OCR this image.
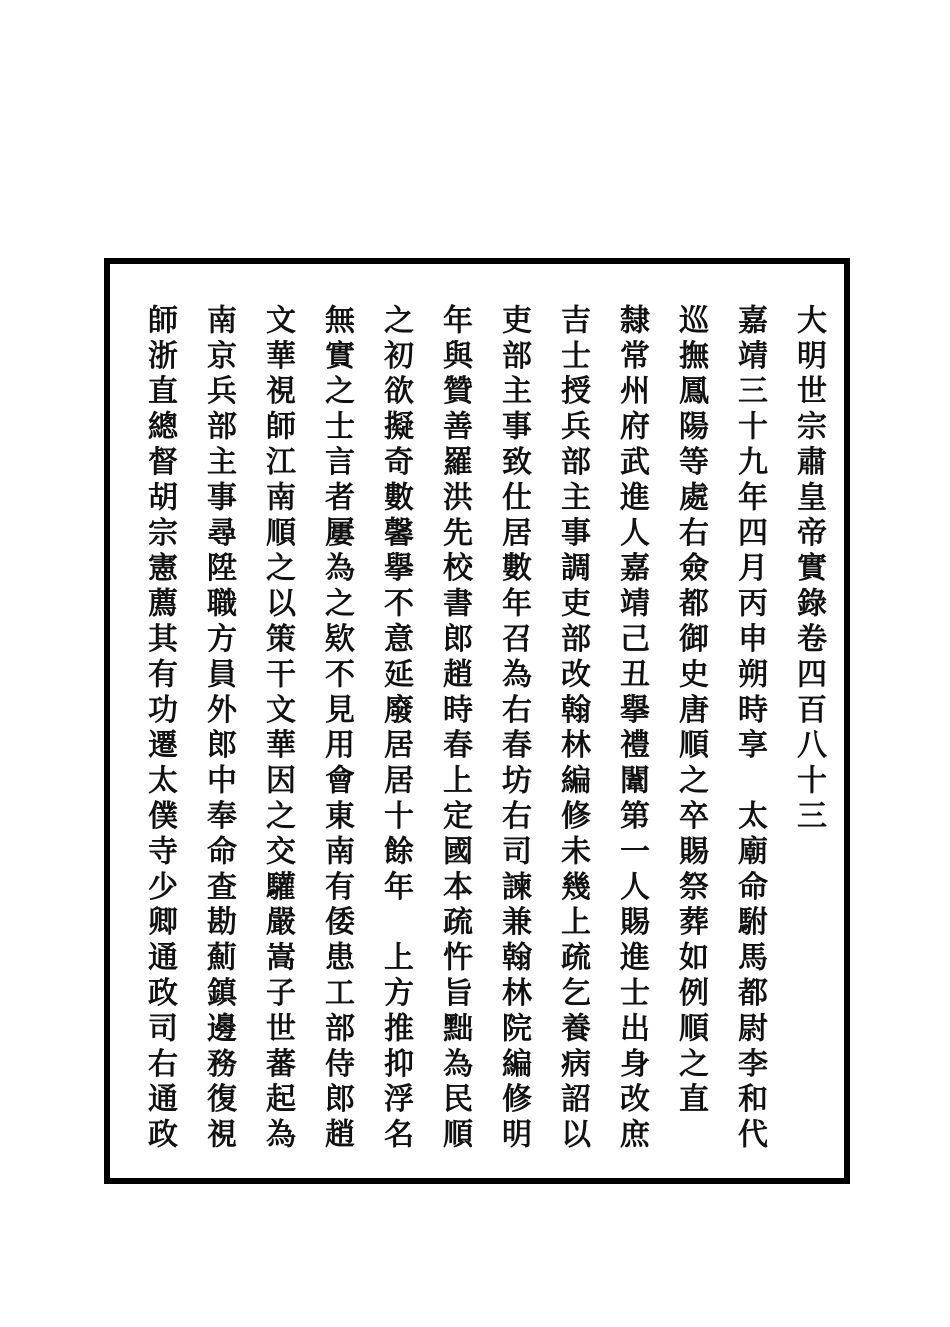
大明世宗肅皇帝實錄卷四百八十三

嘉靖三十九年四月丙申朔時享　太廟命駙馬都尉李和代

巡撫鳳陽等處右僉都御史唐順之卒賜祭葬如例順之直

隸常州府武進人嘉靖己丑擧禮闈第一人賜進士出身改庶

吉士授兵部主事調吏部改翰林編修未幾上疏乞養病詔以

吏部主事致仕居數年召為右春坊右司諫兼翰林院編修明

年與贊善羅洪先校書郎趙時春上定國本疏忤旨黜為民順

之初欲擬奇數馨擧不意延廢居居十餘年　上方推抑浮名

無實之士言者屢為之欵不見用會東南有倭患工部侍郎趙

文華視師江南順之以策干文華因之交驩嚴嵩子世蕃起為

南京兵部主事尋陞職方員外郎中奉命查勘薊鎮邊務復視

師浙直總督胡宗憲薦其有功遷太僕寺少卿通政司右通政
